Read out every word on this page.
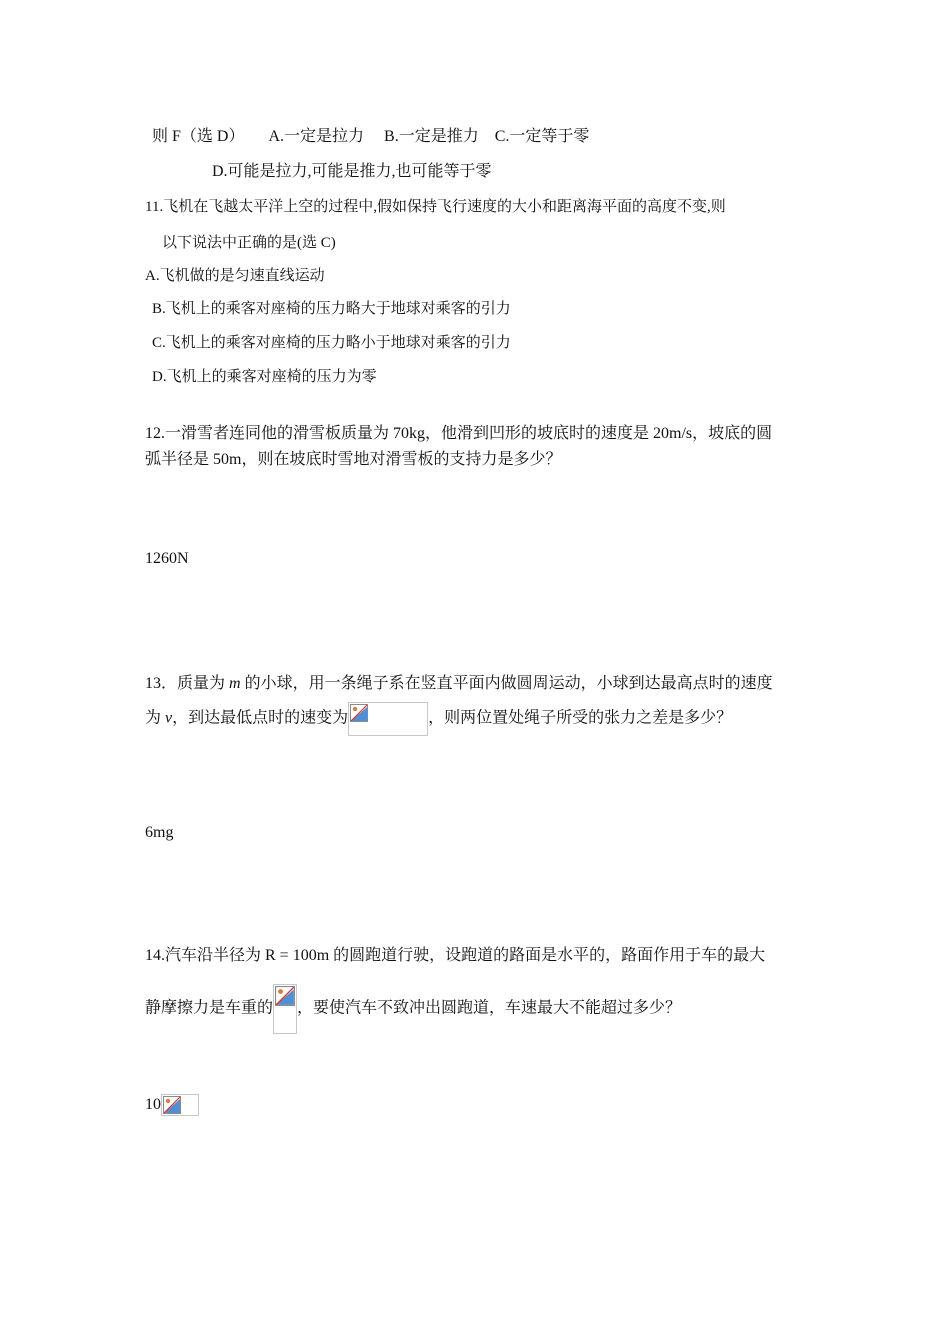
则 F（选 D） A.一定是拉力 B.一定是推力 C.一定等于零
D.可能是拉力,可能是推力,也可能等于零
11.飞机在飞越太平洋上空的过程中,假如保持飞行速度的大小和距离海平面的高度不变,则
以下说法中正确的是(选 C)
A.飞机做的是匀速直线运动
B.飞机上的乘客对座椅的压力略大于地球对乘客的引力
C.飞机上的乘客对座椅的压力略小于地球对乘客的引力
D.飞机上的乘客对座椅的压力为零
12.一滑雪者连同他的滑雪板质量为 70kg，他滑到凹形的坡底时的速度是 20m/s，坡底的圆
弧半径是 50m，则在坡底时雪地对滑雪板的支持力是多少？
1260N
13．质量为 m 的小球，用一条绳子系在竖直平面内做圆周运动，小球到达最高点时的速度
为 v，到达最低点时的速变为	，则两位置处绳子所受的张力之差是多少？
6mg
14.汽车沿半径为 R = 100m 的圆跑道行驶，设跑道的路面是水平的，路面作用于车的最大
静摩擦力是车重的 ，要使汽车不致冲出圆跑道，车速最大不能超过多少？
10
